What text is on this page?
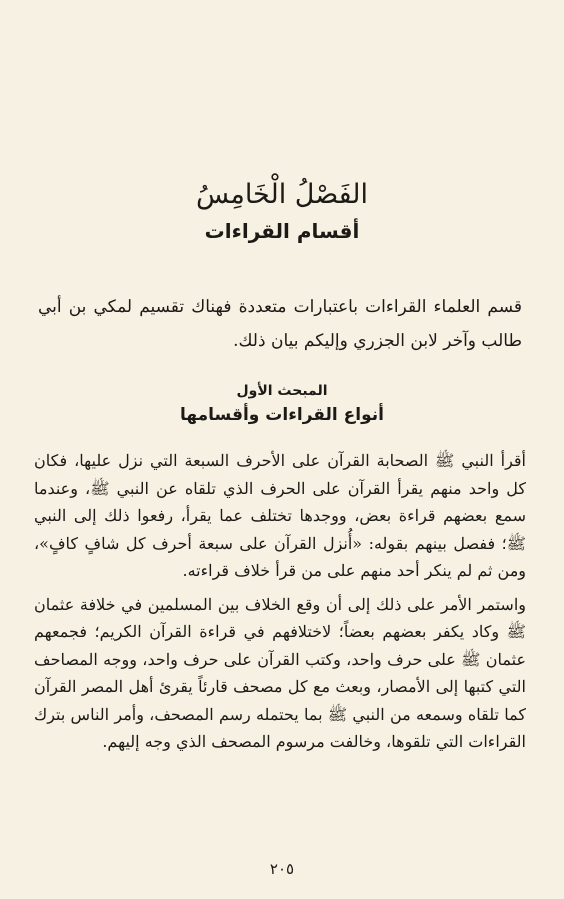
الفَصْلُ الْخَامِسُ
أقسام القراءات
قسم العلماء القراءات باعتبارات متعددة فهناك تقسيم لمكي بن أبي طالب وآخر لابن الجزري وإليكم بيان ذلك.
المبحث الأول
أنواع القراءات وأقسامها

أقرأ النبي ﷺ الصحابة القرآن على الأحرف السبعة التي نزل عليها، فكان كل واحد منهم يقرأ القرآن على الحرف الذي تلقاه عن النبي ﷺ، وعندما سمع بعضهم قراءة بعض، ووجدها تختلف عما يقرأ، رفعوا ذلك إلى النبي ﷺ؛ ففصل بينهم بقوله: «أُنزل القرآن على سبعة أحرف كل شافٍ كافٍ»، ومن ثم لم ينكر أحد منهم على من قرأ خلاف قراءته.

واستمر الأمر على ذلك إلى أن وقع الخلاف بين المسلمين في خلافة عثمان ﷺ وكاد يكفر بعضهم بعضاً؛ لاختلافهم في قراءة القرآن الكريم؛ فجمعهم عثمان ﷺ على حرف واحد، وكتب القرآن على حرف واحد، ووجه المصاحف التي كتبها إلى الأمصار، وبعث مع كل مصحف قارئاً يقرئ أهل المصر القرآن كما تلقاه وسمعه من النبي ﷺ بما يحتمله رسم المصحف، وأمر الناس بترك القراءات التي تلقوها، وخالفت مرسوم المصحف الذي وجه إليهم.

٢٠٥
